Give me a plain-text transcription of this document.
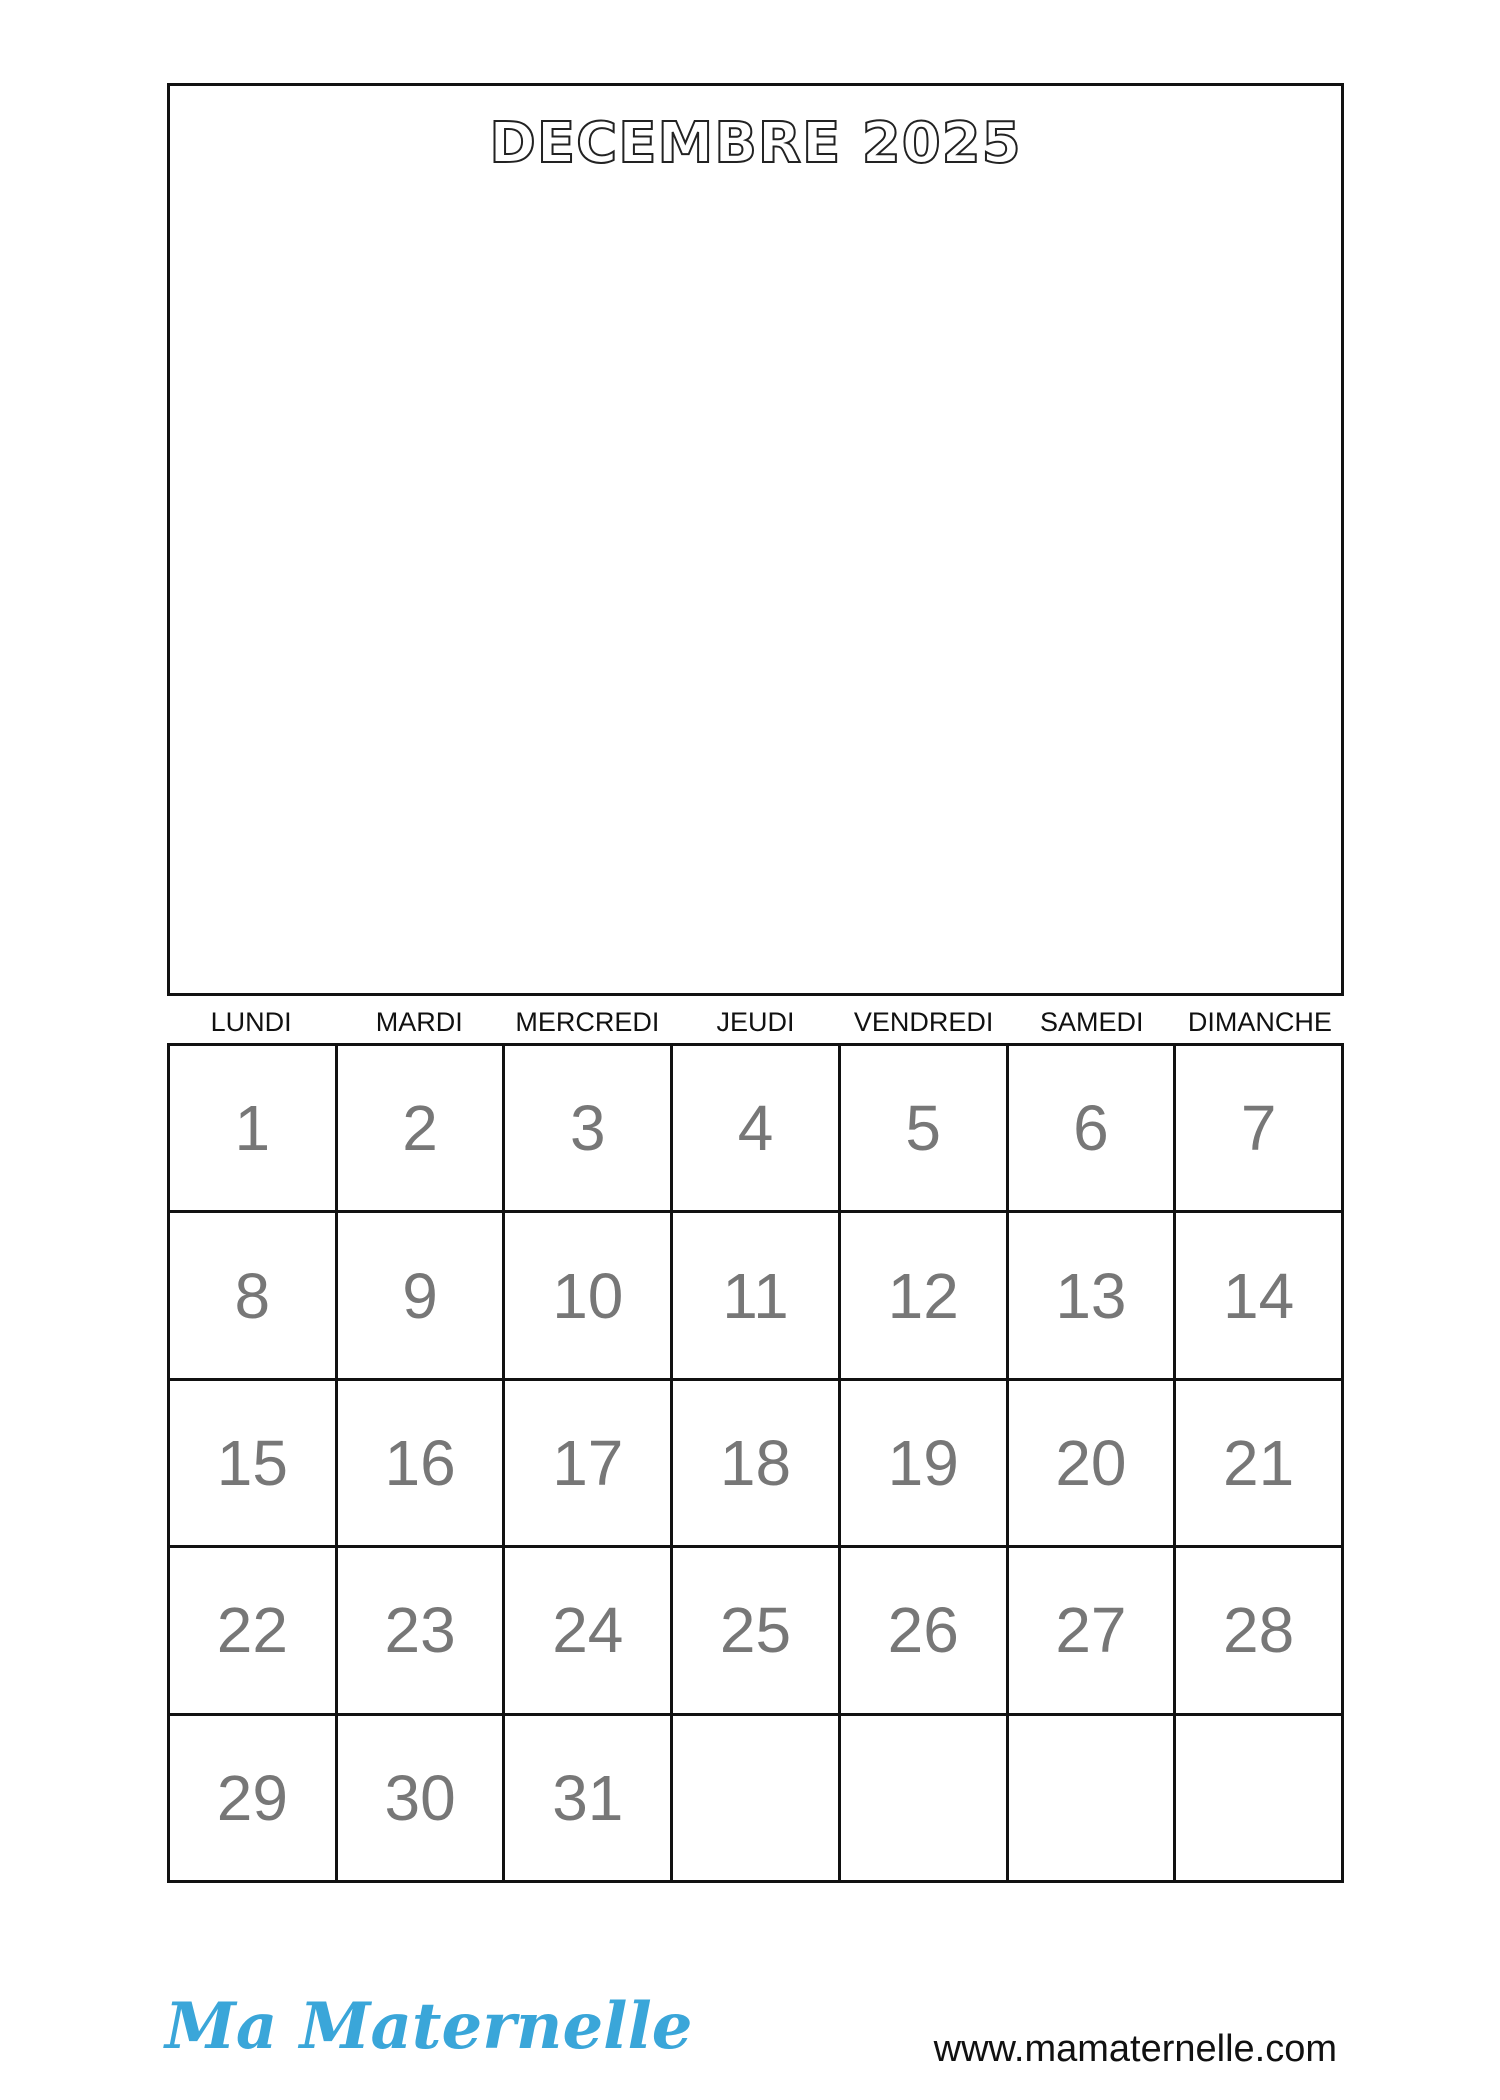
DECEMBRE 2025
LUNDI	MARDI	MERCREDI	JEUDI	VENDREDI	SAMEDI	DIMANCHE
1	2	3	4	5	6	7
8	9	10	11	12	13	14
15	16	17	18	19	20	21
22	23	24	25	26	27	28
29	30	31
Ma Maternelle	www.mamaternelle.com
